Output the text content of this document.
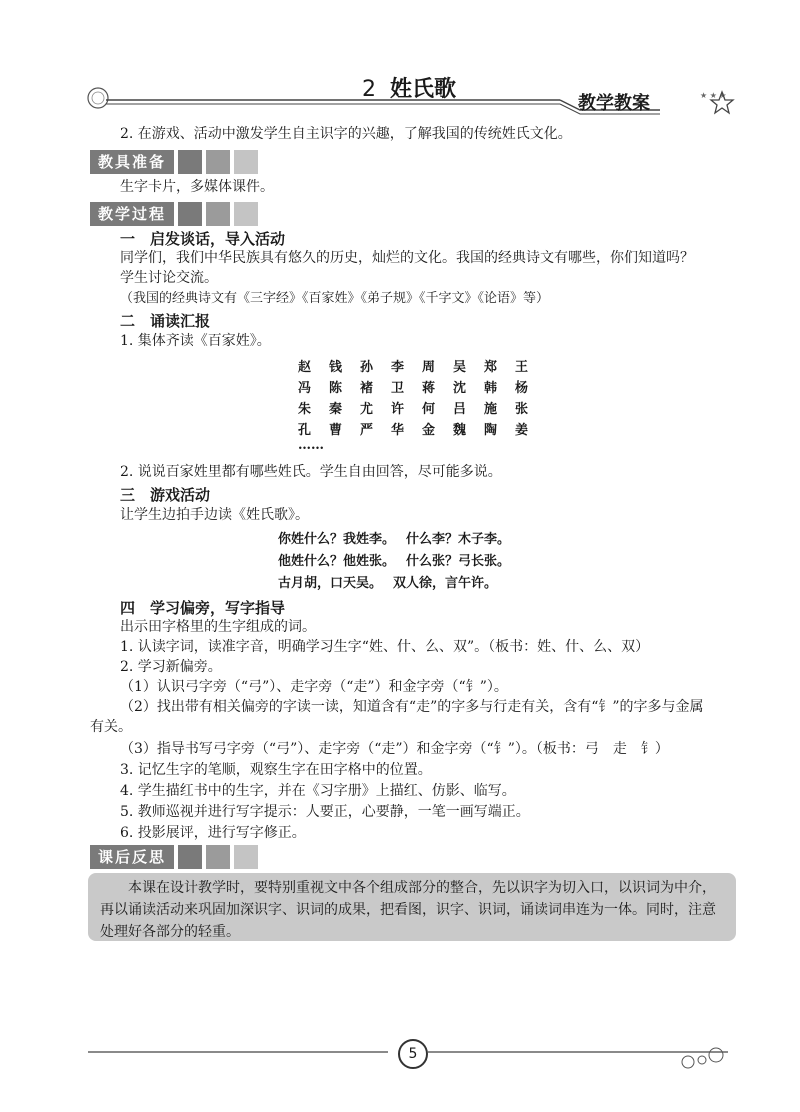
★ ★ ★
2 姓氏歌
教学教案
2. 在游戏、活动中激发学生自主识字的兴趣，了解我国的传统姓氏文化。
教具准备
生字卡片，多媒体课件。
教学过程
一　启发谈话，导入活动
同学们，我们中华民族具有悠久的历史，灿烂的文化。我国的经典诗文有哪些，你们知道吗？
学生讨论交流。
（我国的经典诗文有《三字经》《百家姓》《弟子规》《千字文》《论语》等）
二　诵读汇报
1. 集体齐读《百家姓》。
赵 钱 孙 李 周 吴 郑 王
冯 陈 褚 卫 蒋 沈 韩 杨
朱 秦 尤 许 何 吕 施 张
孔 曹 严 华 金 魏 陶 姜
……
2. 说说百家姓里都有哪些姓氏。学生自由回答，尽可能多说。
三　游戏活动
让学生边拍手边读《姓氏歌》。
你姓什么？我姓李。　 什么李？木子李。
他姓什么？他姓张。　 什么张？弓长张。
古月胡，口天吴。　 双人徐，言午许。
四　学习偏旁，写字指导
出示田字格里的生字组成的词。
1. 认读字词，读准字音，明确学习生字“姓、什、么、双”。（板书：姓、什、么、双）
2. 学习新偏旁。
（1）认识弓字旁（“弓”）、走字旁（“走”）和金字旁（“钅”）。
（2）找出带有相关偏旁的字读一读，知道含有“走”的字多与行走有关，含有“钅”的字多与金属
有关。
（3）指导书写弓字旁（“弓”）、走字旁（“走”）和金字旁（“钅”）。（板书：弓　走　钅）
3. 记忆生字的笔顺，观察生字在田字格中的位置。
4. 学生描红书中的生字，并在《习字册》上描红、仿影、临写。
5. 教师巡视并进行写字提示：人要正，心要静，一笔一画写端正。
6. 投影展评，进行写字修正。
课后反思

本课在设计教学时，要特别重视文中各个组成部分的整合，先以识字为切入口，以识词为中介，再以诵读活动来巩固加深识字、识词的成果，把看图，识字、识词，诵读词串连为一体。同时，注意处理好各部分的轻重。

5
